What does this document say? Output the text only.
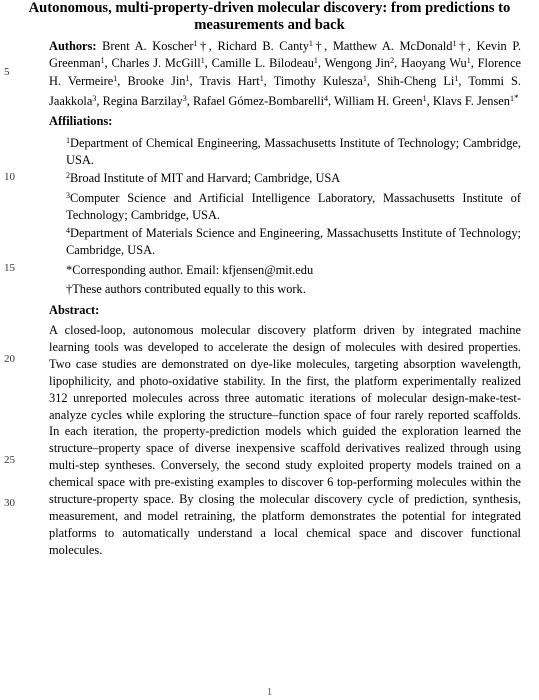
Autonomous, multi-property-driven molecular discovery: from predictions to measurements and back
Authors: Brent A. Koscher$^1$†, Richard B. Canty$^1$†, Matthew A. McDonald$^1$†, Kevin P. Greenman$^1$, Charles J. McGill$^1$, Camille L. Bilodeau$^1$, Wengong Jin$^2$, Haoyang Wu$^1$, Florence H. Vermeire$^1$, Brooke Jin$^1$, Travis Hart$^1$, Timothy Kulesza$^1$, Shih-Cheng Li$^1$, Tommi S. Jaakkola$^3$, Regina Barzilay$^3$, Rafael Gómez-Bombarelli$^4$, William H. Green$^1$, Klavs F. Jensen$^{1*}$
Affiliations:
$^1$Department of Chemical Engineering, Massachusetts Institute of Technology; Cambridge, USA.
$^2$Broad Institute of MIT and Harvard; Cambridge, USA
$^3$Computer Science and Artificial Intelligence Laboratory, Massachusetts Institute of Technology; Cambridge, USA.
$^4$Department of Materials Science and Engineering, Massachusetts Institute of Technology; Cambridge, USA.
*Corresponding author. Email: kfjensen@mit.edu
†These authors contributed equally to this work.
Abstract:
A closed-loop, autonomous molecular discovery platform driven by integrated machine learning tools was developed to accelerate the design of molecules with desired properties. Two case studies are demonstrated on dye-like molecules, targeting absorption wavelength, lipophilicity, and photo-oxidative stability. In the first, the platform experimentally realized 312 unreported molecules across three automatic iterations of molecular design-make-test-analyze cycles while exploring the structure–function space of four rarely reported scaffolds. In each iteration, the property-prediction models which guided the exploration learned the structure–property space of diverse inexpensive scaffold derivatives realized through using multi-step syntheses. Conversely, the second study exploited property models trained on a chemical space with pre-existing examples to discover 6 top-performing molecules within the structure-property space. By closing the molecular discovery cycle of prediction, synthesis, measurement, and model retraining, the platform demonstrates the potential for integrated platforms to automatically understand a local chemical space and discover functional molecules.
5
10
15
20
25
30
1
